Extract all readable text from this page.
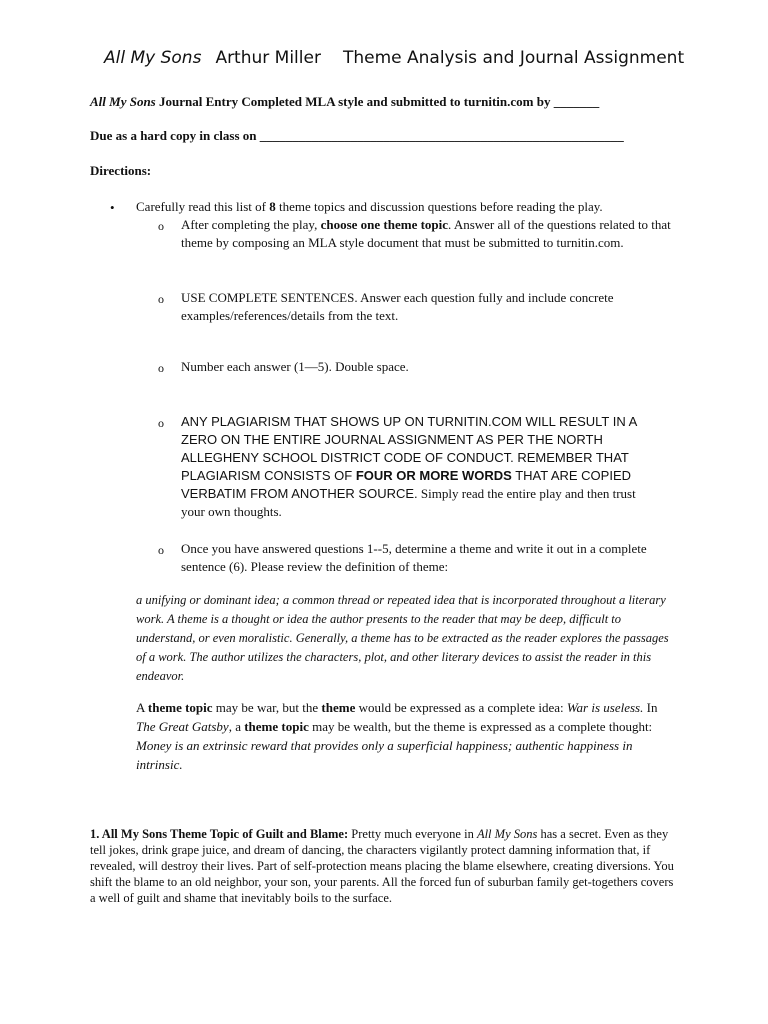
All My Sons Arthur Miller Theme Analysis and Journal Assignment
All My Sons Journal Entry Completed MLA style and submitted to turnitin.com by _______
Due as a hard copy in class on ________________________________________________________
Directions:
• Carefully read this list of 8 theme topics and discussion questions before reading the play.
o After completing the play, choose one theme topic. Answer all of the questions related to that theme by composing an MLA style document that must be submitted to turnitin.com.
o USE COMPLETE SENTENCES. Answer each question fully and include concrete examples/references/details from the text.
o Number each answer (1—5). Double space.
o ANY PLAGIARISM THAT SHOWS UP ON TURNITIN.COM WILL RESULT IN A ZERO ON THE ENTIRE JOURNAL ASSIGNMENT AS PER THE NORTH ALLEGHENY SCHOOL DISTRICT CODE OF CONDUCT. REMEMBER THAT PLAGIARISM CONSISTS OF FOUR OR MORE WORDS THAT ARE COPIED VERBATIM FROM ANOTHER SOURCE. Simply read the entire play and then trust your own thoughts.
o Once you have answered questions 1--5, determine a theme and write it out in a complete sentence (6). Please review the definition of theme:
a unifying or dominant idea; a common thread or repeated idea that is incorporated throughout a literary work. A theme is a thought or idea the author presents to the reader that may be deep, difficult to understand, or even moralistic. Generally, a theme has to be extracted as the reader explores the passages of a work. The author utilizes the characters, plot, and other literary devices to assist the reader in this endeavor.
A theme topic may be war, but the theme would be expressed as a complete idea: War is useless. In The Great Gatsby, a theme topic may be wealth, but the theme is expressed as a complete thought: Money is an extrinsic reward that provides only a superficial happiness; authentic happiness in intrinsic.
1. All My Sons Theme Topic of Guilt and Blame: Pretty much everyone in All My Sons has a secret. Even as they tell jokes, drink grape juice, and dream of dancing, the characters vigilantly protect damning information that, if revealed, will destroy their lives. Part of self-protection means placing the blame elsewhere, creating diversions. You shift the blame to an old neighbor, your son, your parents. All the forced fun of suburban family get-togethers covers a well of guilt and shame that inevitably boils to the surface.
